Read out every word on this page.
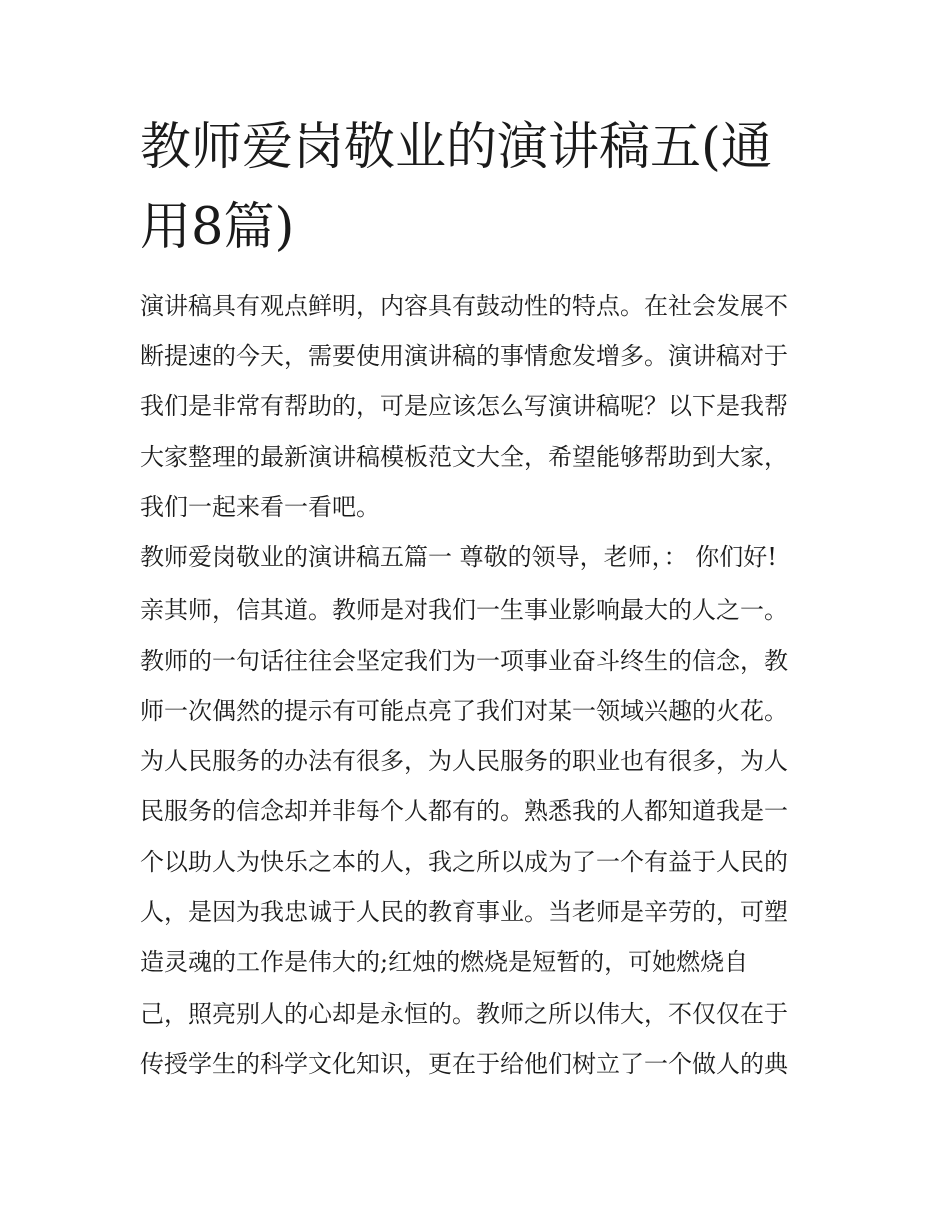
教师爱岗敬业的演讲稿五(通用8篇)
演讲稿具有观点鲜明，内容具有鼓动性的特点。在社会发展不
断提速的今天，需要使用演讲稿的事情愈发增多。演讲稿对于
我们是非常有帮助的，可是应该怎么写演讲稿呢？以下是我帮
大家整理的最新演讲稿模板范文大全，希望能够帮助到大家，
我们一起来看一看吧。
教师爱岗敬业的演讲稿五篇一 尊敬的领导，老师，： 你们好!
亲其师，信其道。教师是对我们一生事业影响最大的人之一。
教师的一句话往往会坚定我们为一项事业奋斗终生的信念，教
师一次偶然的提示有可能点亮了我们对某一领域兴趣的火花。
为人民服务的办法有很多，为人民服务的职业也有很多，为人
民服务的信念却并非每个人都有的。熟悉我的人都知道我是一
个以助人为快乐之本的人，我之所以成为了一个有益于人民的
人，是因为我忠诚于人民的教育事业。当老师是辛劳的，可塑
造灵魂的工作是伟大的;红烛的燃烧是短暂的，可她燃烧自
己，照亮别人的心却是永恒的。教师之所以伟大，不仅仅在于
传授学生的科学文化知识，更在于给他们树立了一个做人的典
